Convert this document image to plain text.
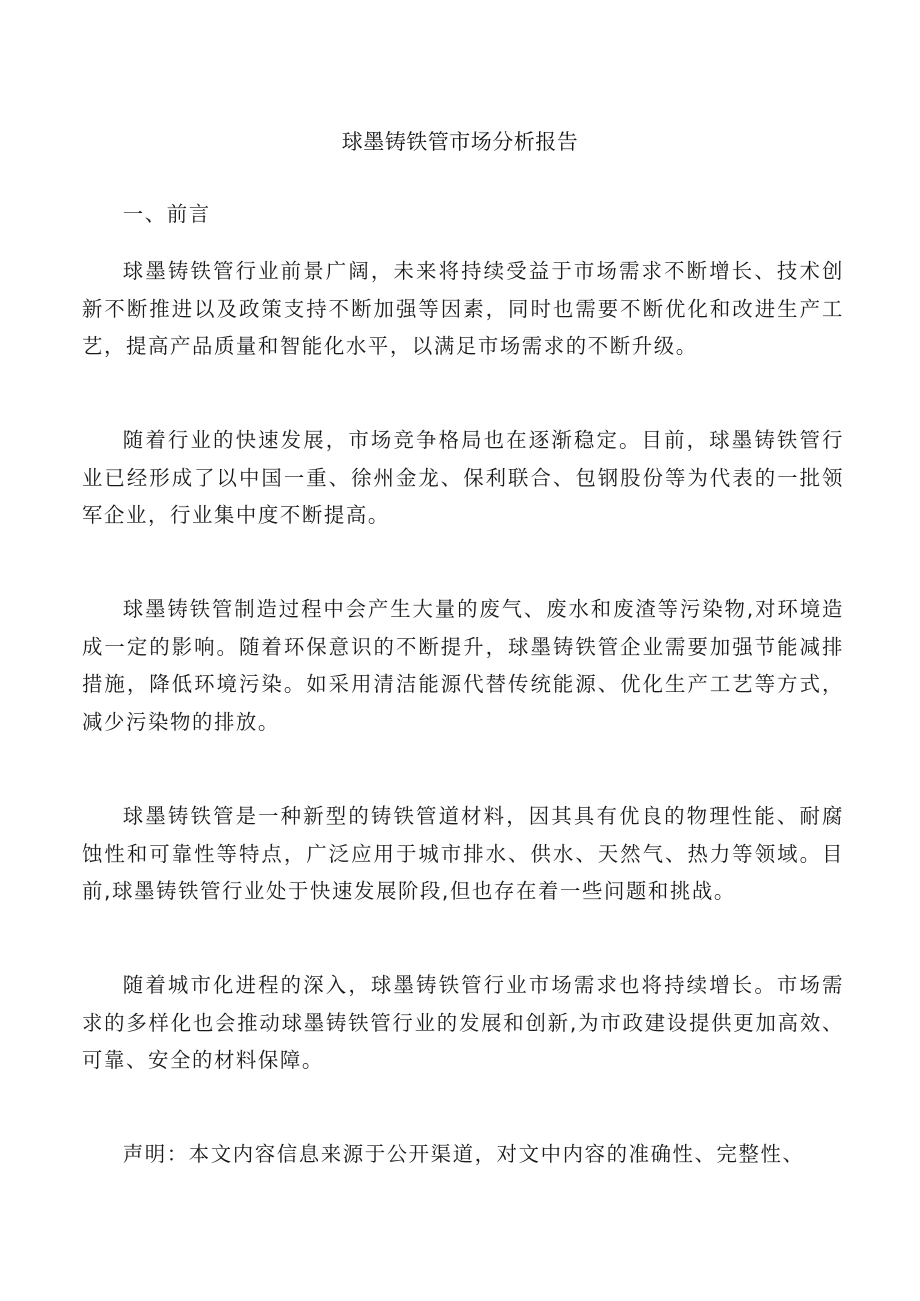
球墨铸铁管市场分析报告
一、前言
球墨铸铁管行业前景广阔，未来将持续受益于市场需求不断增长、技术创新不断推进以及政策支持不断加强等因素，同时也需要不断优化和改进生产工艺，提高产品质量和智能化水平，以满足市场需求的不断升级。
随着行业的快速发展，市场竞争格局也在逐渐稳定。目前，球墨铸铁管行业已经形成了以中国一重、徐州金龙、保利联合、包钢股份等为代表的一批领军企业，行业集中度不断提高。
球墨铸铁管制造过程中会产生大量的废气、废水和废渣等污染物,对环境造成一定的影响。随着环保意识的不断提升，球墨铸铁管企业需要加强节能减排措施，降低环境污染。如采用清洁能源代替传统能源、优化生产工艺等方式，减少污染物的排放。
球墨铸铁管是一种新型的铸铁管道材料，因其具有优良的物理性能、耐腐蚀性和可靠性等特点，广泛应用于城市排水、供水、天然气、热力等领域。目前,球墨铸铁管行业处于快速发展阶段,但也存在着一些问题和挑战。
随着城市化进程的深入，球墨铸铁管行业市场需求也将持续增长。市场需求的多样化也会推动球墨铸铁管行业的发展和创新,为市政建设提供更加高效、可靠、安全的材料保障。
声明：本文内容信息来源于公开渠道，对文中内容的准确性、完整性、
